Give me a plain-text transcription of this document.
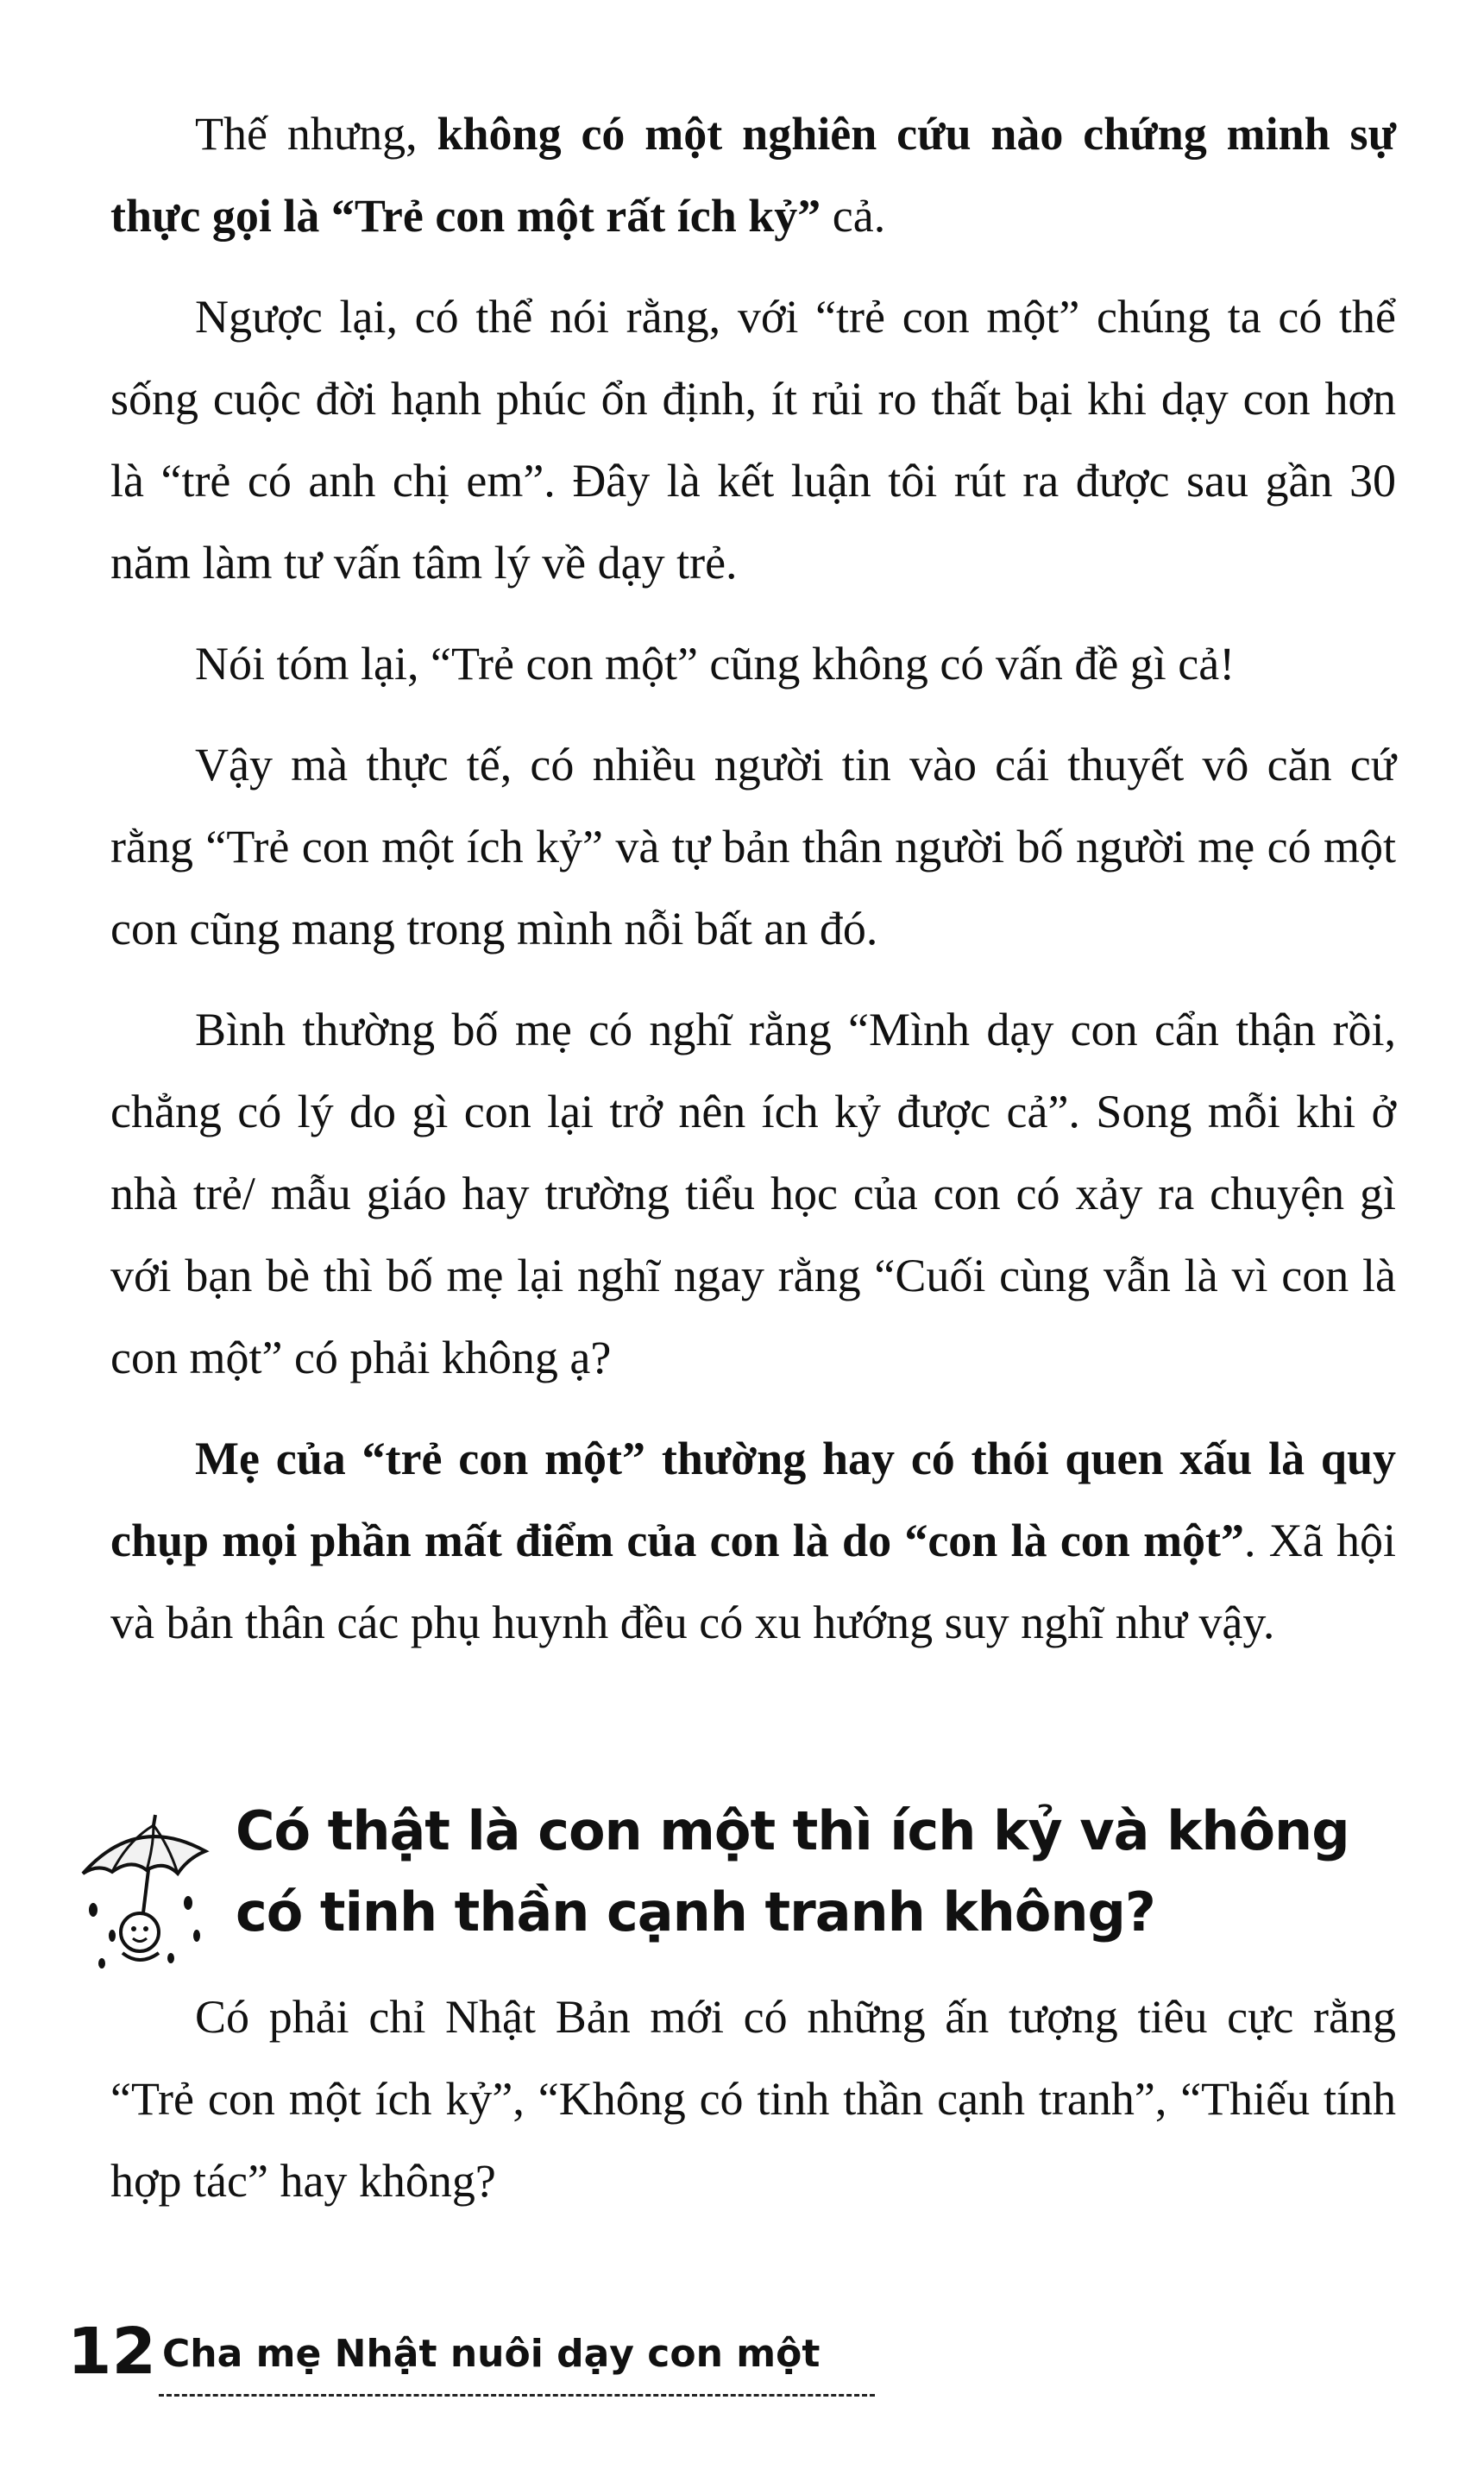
Thế nhưng, không có một nghiên cứu nào chứng minh sự thực gọi là “Trẻ con một rất ích kỷ” cả.

Ngược lại, có thể nói rằng, với “trẻ con một” chúng ta có thể sống cuộc đời hạnh phúc ổn định, ít rủi ro thất bại khi dạy con hơn là “trẻ có anh chị em”. Đây là kết luận tôi rút ra được sau gần 30 năm làm tư vấn tâm lý về dạy trẻ.

Nói tóm lại, “Trẻ con một” cũng không có vấn đề gì cả!

Vậy mà thực tế, có nhiều người tin vào cái thuyết vô căn cứ rằng “Trẻ con một ích kỷ” và tự bản thân người bố người mẹ có một con cũng mang trong mình nỗi bất an đó.

Bình thường bố mẹ có nghĩ rằng “Mình dạy con cẩn thận rồi, chẳng có lý do gì con lại trở nên ích kỷ được cả”. Song mỗi khi ở nhà trẻ/ mẫu giáo hay trường tiểu học của con có xảy ra chuyện gì với bạn bè thì bố mẹ lại nghĩ ngay rằng “Cuối cùng vẫn là vì con là con một” có phải không ạ?

Mẹ của “trẻ con một” thường hay có thói quen xấu là quy chụp mọi phần mất điểm của con là do “con là con một”. Xã hội và bản thân các phụ huynh đều có xu hướng suy nghĩ như vậy.

Có thật là con một thì ích kỷ và không có tinh thần cạnh tranh không?

Có phải chỉ Nhật Bản mới có những ấn tượng tiêu cực rằng “Trẻ con một ích kỷ”, “Không có tinh thần cạnh tranh”, “Thiếu tính hợp tác” hay không?

12 Cha mẹ Nhật nuôi dạy con một
